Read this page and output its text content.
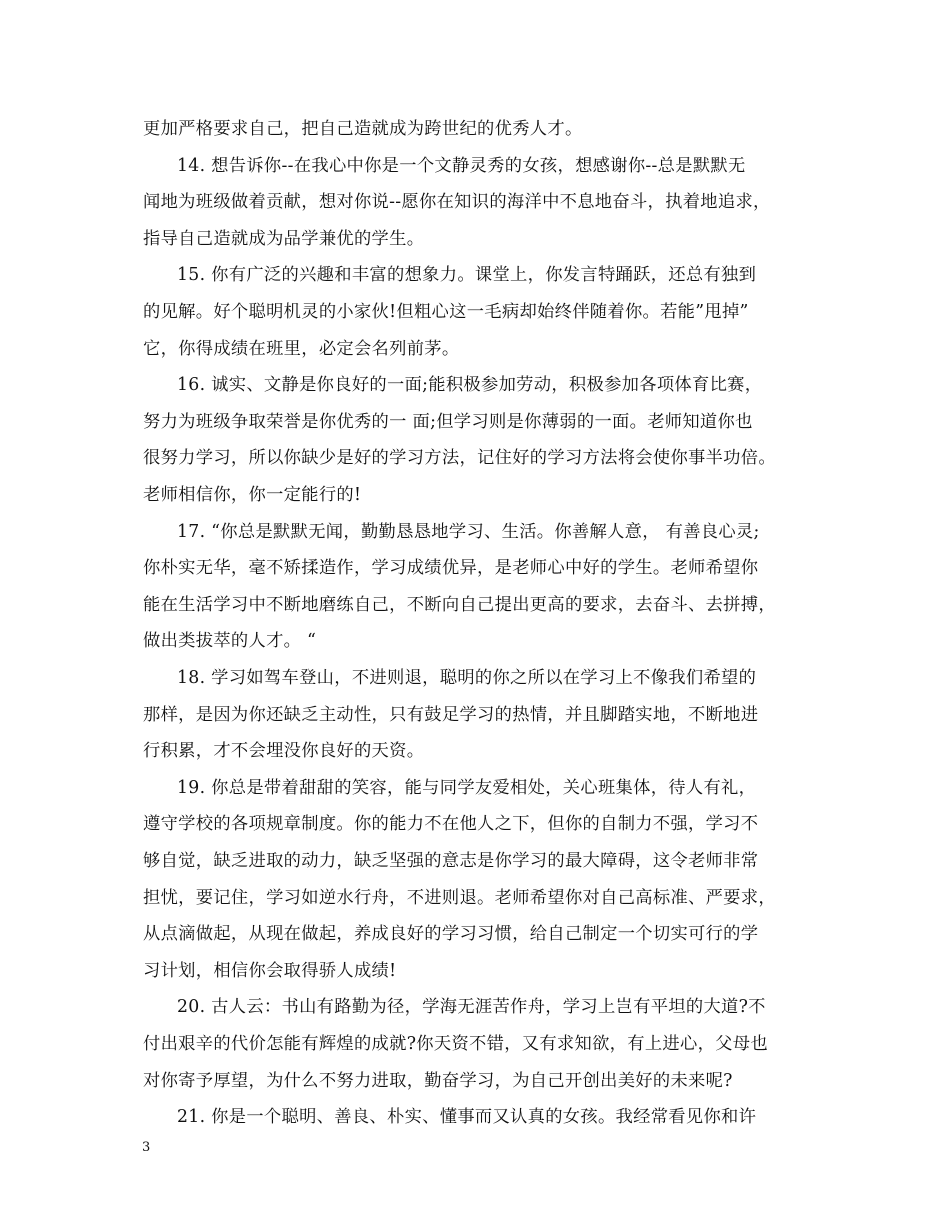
更加严格要求自己，把自己造就成为跨世纪的优秀人才。
14. 想告诉你--在我心中你是一个文静灵秀的女孩，想感谢你--总是默默无
闻地为班级做着贡献，想对你说--愿你在知识的海洋中不息地奋斗，执着地追求，
指导自己造就成为品学兼优的学生。
15. 你有广泛的兴趣和丰富的想象力。课堂上，你发言特踊跃，还总有独到
的见解。好个聪明机灵的小家伙!但粗心这一毛病却始终伴随着你。若能”甩掉”
它，你得成绩在班里，必定会名列前茅。
16. 诚实、文静是你良好的一面;能积极参加劳动，积极参加各项体育比赛，
努力为班级争取荣誉是你优秀的一 面;但学习则是你薄弱的一面。老师知道你也
很努力学习，所以你缺少是好的学习方法，记住好的学习方法将会使你事半功倍。
老师相信你，你一定能行的!
17. “你总是默默无闻，勤勤恳恳地学习、生活。你善解人意， 有善良心灵;
你朴实无华，毫不矫揉造作，学习成绩优异，是老师心中好的学生。老师希望你
能在生活学习中不断地磨练自己，不断向自己提出更高的要求，去奋斗、去拼搏，
做出类拔萃的人才。 “
18. 学习如驾车登山，不进则退，聪明的你之所以在学习上不像我们希望的
那样，是因为你还缺乏主动性，只有鼓足学习的热情，并且脚踏实地，不断地进
行积累，才不会埋没你良好的天资。
19. 你总是带着甜甜的笑容，能与同学友爱相处，关心班集体，待人有礼，
遵守学校的各项规章制度。你的能力不在他人之下，但你的自制力不强，学习不
够自觉，缺乏进取的动力，缺乏坚强的意志是你学习的最大障碍，这令老师非常
担忧，要记住，学习如逆水行舟，不进则退。老师希望你对自己高标准、严要求，
从点滴做起，从现在做起，养成良好的学习习惯，给自己制定一个切实可行的学
习计划，相信你会取得骄人成绩!
20. 古人云：书山有路勤为径，学海无涯苦作舟，学习上岂有平坦的大道?不
付出艰辛的代价怎能有辉煌的成就?你天资不错，又有求知欲，有上进心，父母也
对你寄予厚望，为什么不努力进取，勤奋学习，为自己开创出美好的未来呢?
21. 你是一个聪明、善良、朴实、懂事而又认真的女孩。我经常看见你和许
3
